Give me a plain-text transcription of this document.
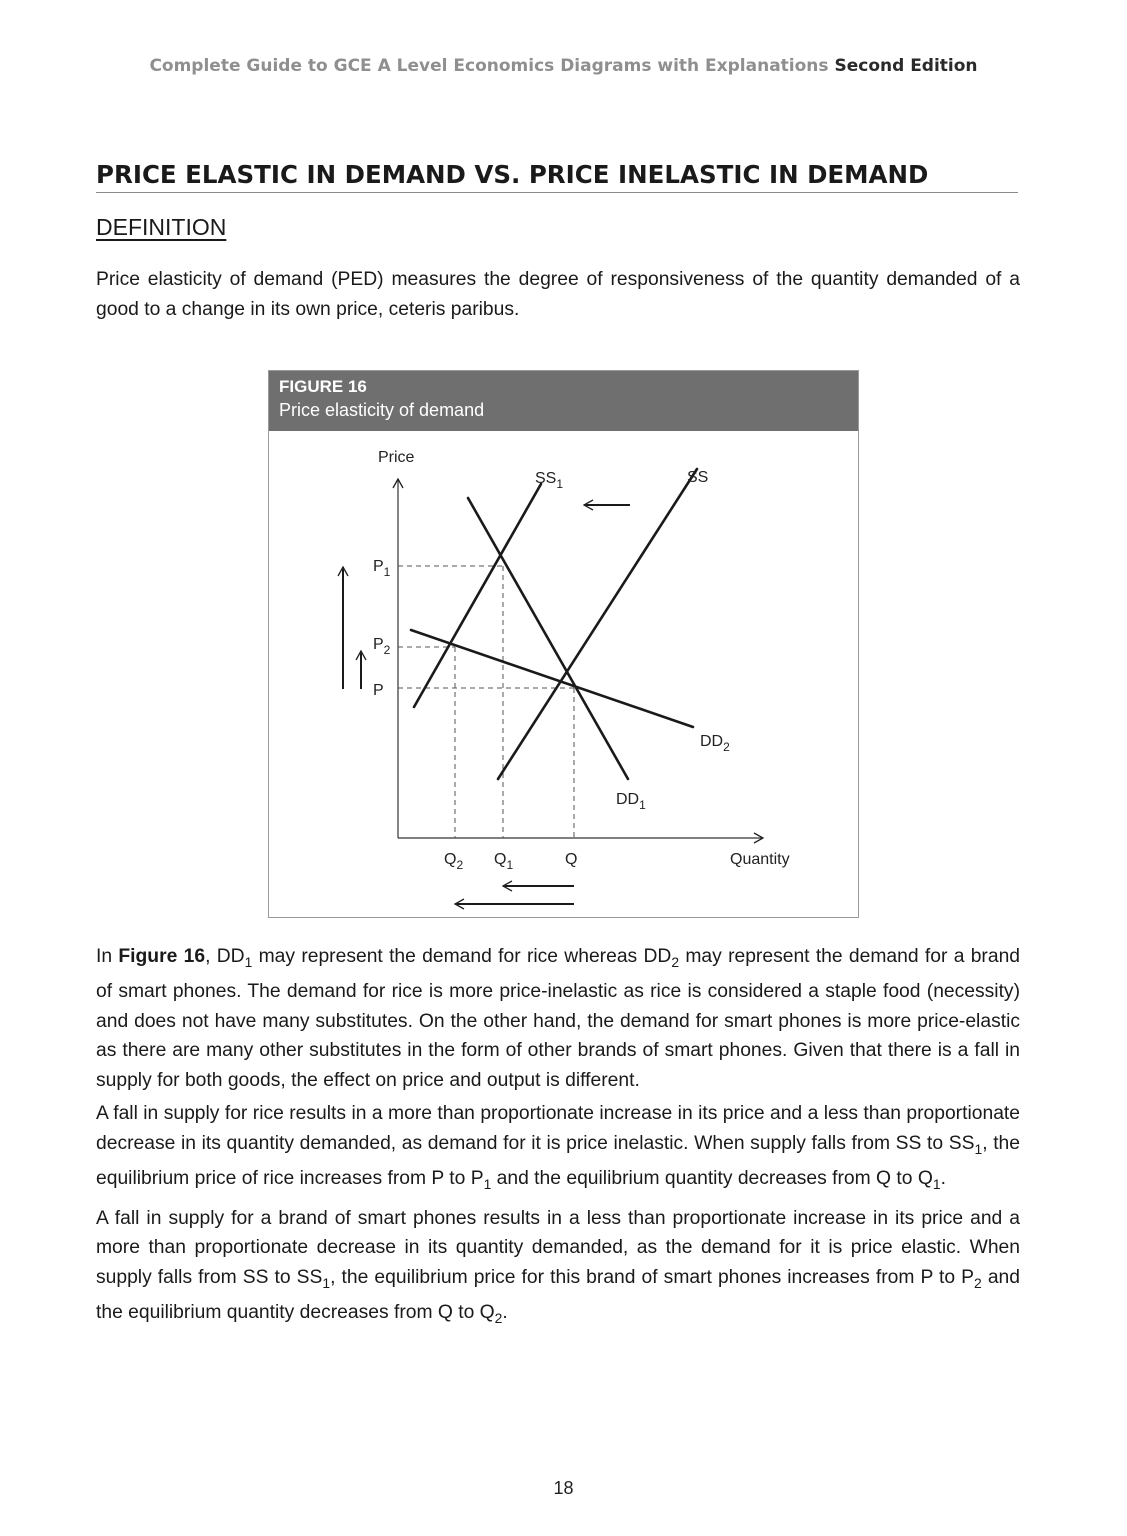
Complete Guide to GCE A Level Economics Diagrams with Explanations Second Edition
PRICE ELASTIC IN DEMAND VS. PRICE INELASTIC IN DEMAND
DEFINITION

Price elasticity of demand (PED) measures the degree of responsiveness of the quantity demanded of a good to a change in its own price, ceteris paribus.

FIGURE 16
Price elasticity of demand
Price
Quantity
$SS_1$	SS
$DD_1$
$DD_2$
$P_1$
$P_2$
P
$Q_2$ $Q_1$	Q

In Figure 16, $DD_1$ may represent the demand for rice whereas $DD_2$ may represent the demand for a brand of smart phones. The demand for rice is more price-inelastic as rice is considered a staple food (necessity) and does not have many substitutes. On the other hand, the demand for smart phones is more price-elastic as there are many other substitutes in the form of other brands of smart phones. Given that there is a fall in supply for both goods, the effect on price and output is different.

A fall in supply for rice results in a more than proportionate increase in its price and a less than proportionate decrease in its quantity demanded, as demand for it is price inelastic. When supply falls from SS to $SS_1$, the equilibrium price of rice increases from P to $P_1$ and the equilibrium quantity decreases from Q to $Q_1$.

A fall in supply for a brand of smart phones results in a less than proportionate increase in its price and a more than proportionate decrease in its quantity demanded, as the demand for it is price elastic. When supply falls from SS to $SS_1$, the equilibrium price for this brand of smart phones increases from P to $P_2$ and the equilibrium quantity decreases from Q to $Q_2$.

18
